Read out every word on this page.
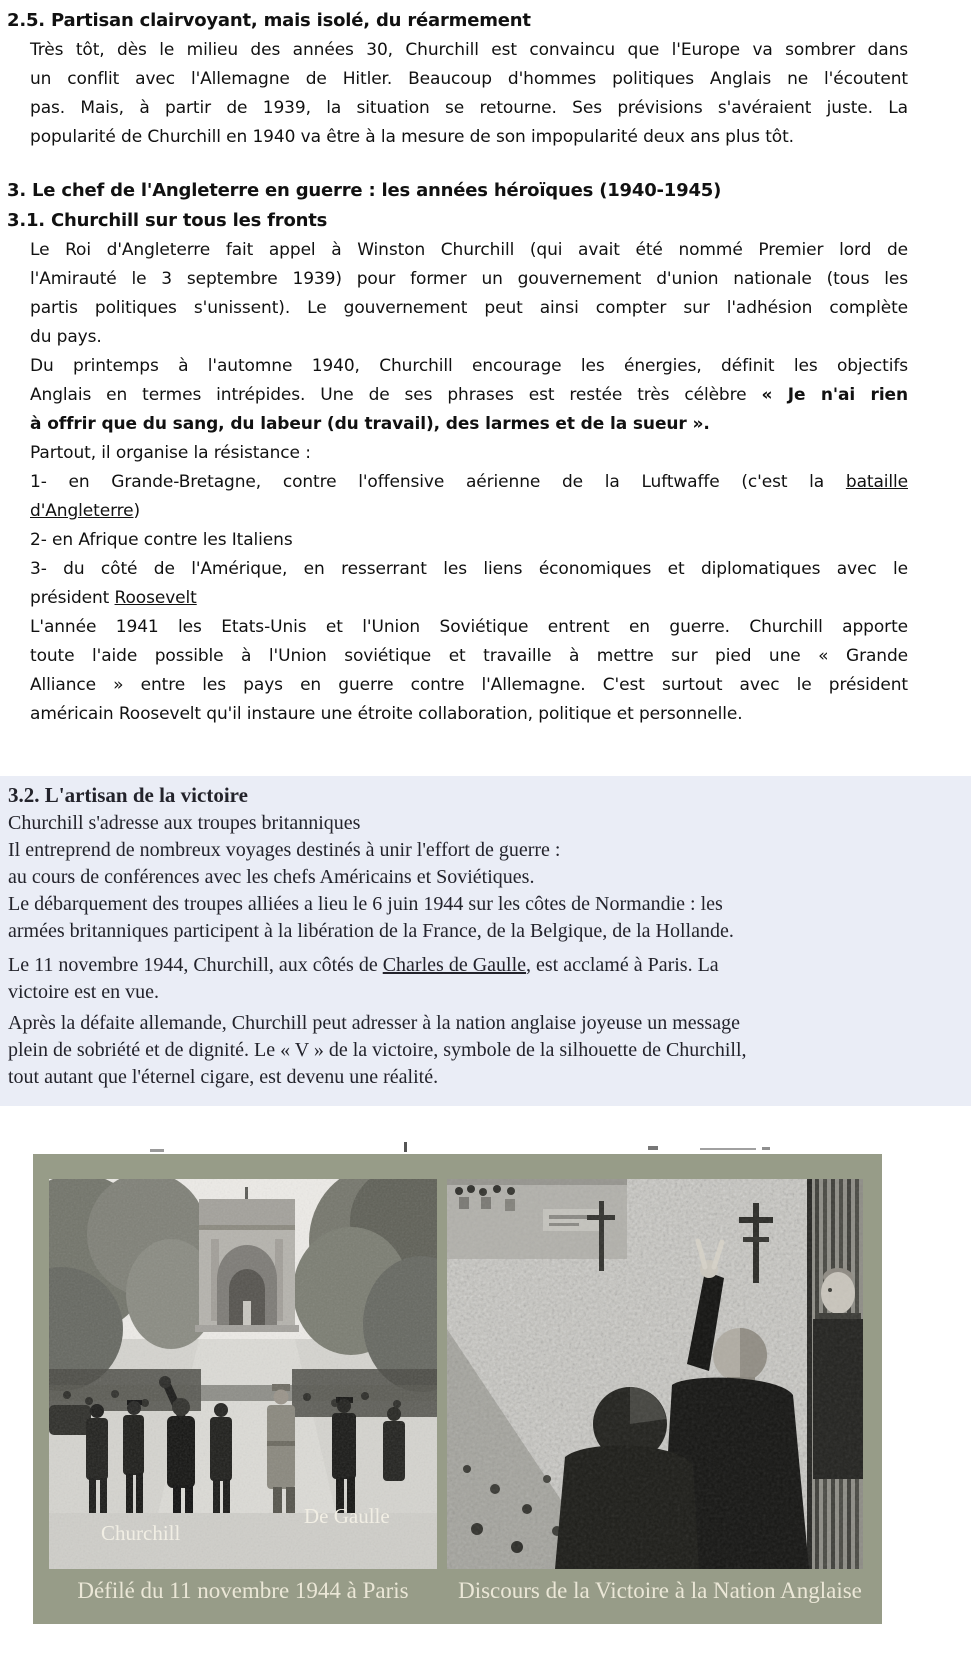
2.5. Partisan clairvoyant, mais isolé, du réarmement
Très tôt, dès le milieu des années 30, Churchill est convaincu que l'Europe va sombrer dans
un conflit avec l'Allemagne de Hitler. Beaucoup d'hommes politiques Anglais ne l'écoutent
pas. Mais, à partir de 1939, la situation se retourne. Ses prévisions s'avéraient juste. La
popularité de Churchill en 1940 va être à la mesure de son impopularité deux ans plus tôt.
3. Le chef de l'Angleterre en guerre : les années héroïques (1940-1945)
3.1. Churchill sur tous les fronts
Le Roi d'Angleterre fait appel à Winston Churchill (qui avait été nommé Premier lord de
l'Amirauté le 3 septembre 1939) pour former un gouvernement d'union nationale (tous les
partis politiques s'unissent). Le gouvernement peut ainsi compter sur l'adhésion complète
du pays.
Du printemps à l'automne 1940, Churchill encourage les énergies, définit les objectifs
Anglais en termes intrépides. Une de ses phrases est restée très célèbre « Je n'ai rien
à offrir que du sang, du labeur (du travail), des larmes et de la sueur ».
Partout, il organise la résistance :
1- en Grande-Bretagne, contre l'offensive aérienne de la Luftwaffe (c'est la bataille
d'Angleterre)
2- en Afrique contre les Italiens
3- du côté de l'Amérique, en resserrant les liens économiques et diplomatiques avec le
président Roosevelt
L'année 1941 les Etats-Unis et l'Union Soviétique entrent en guerre. Churchill apporte
toute l'aide possible à l'Union soviétique et travaille à mettre sur pied une « Grande
Alliance » entre les pays en guerre contre l'Allemagne. C'est surtout avec le président
américain Roosevelt qu'il instaure une étroite collaboration, politique et personnelle.
3.2. L'artisan de la victoire
Churchill s'adresse aux troupes britanniques
Il entreprend de nombreux voyages destinés à unir l'effort de guerre :
au cours de conférences avec les chefs Américains et Soviétiques.
Le débarquement des troupes alliées a lieu le 6 juin 1944 sur les côtes de Normandie : les
armées britanniques participent à la libération de la France, de la Belgique, de la Hollande.
Le 11 novembre 1944, Churchill, aux côtés de Charles de Gaulle, est acclamé à Paris. La
victoire est en vue.
Après la défaite allemande, Churchill peut adresser à la nation anglaise joyeuse un message
plein de sobriété et de dignité. Le « V » de la victoire, symbole de la silhouette de Churchill,
tout autant que l'éternel cigare, est devenu une réalité.
Churchill
De Gaulle
Défilé du 11 novembre 1944 à Paris	Discours de la Victoire à la Nation Anglaise
